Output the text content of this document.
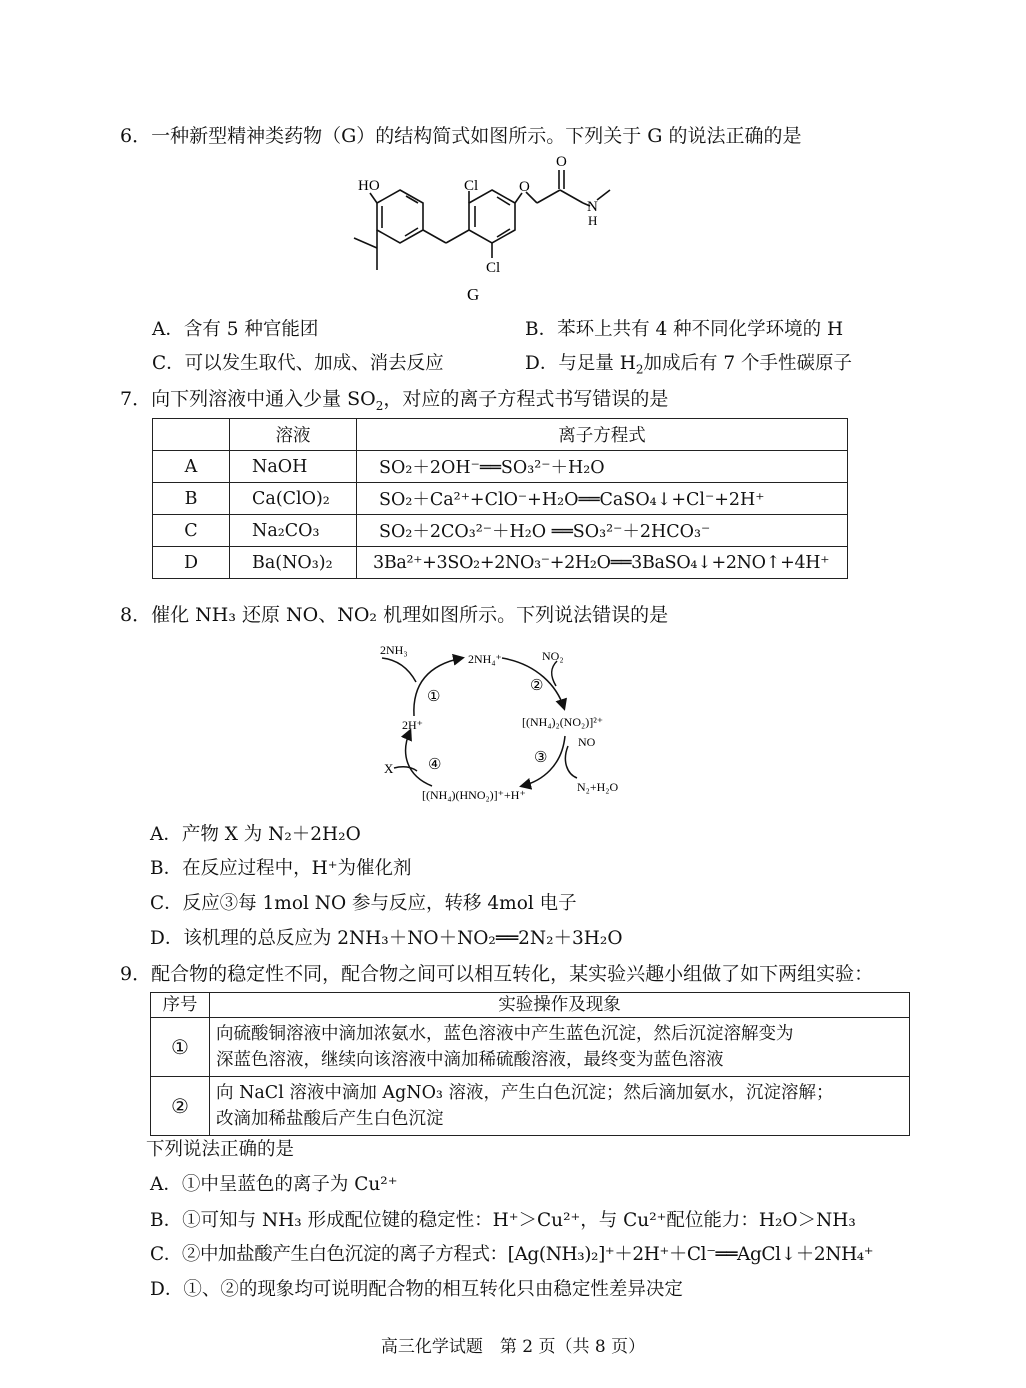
6．一种新型精神类药物（G）的结构简式如图所示。下列关于 G 的说法正确的是
HO	Cl
Cl
O
O
N
H
G
A．含有 5 种官能团	B．苯环上共有 4 种不同化学环境的 H
C．可以发生取代、加成、消去反应	D．与足量 $H_2$加成后有 7 个手性碳原子
7．向下列溶液中通入少量 $SO_2$，对应的离子方程式书写错误的是
	溶液	离子方程式
A	NaOH	SO₂＋2OH⁻══SO₃²⁻＋H₂O
B	Ca(ClO)₂	SO₂＋Ca²⁺+ClO⁻+H₂O══CaSO₄↓+Cl⁻+2H⁺
C	Na₂CO₃	SO₂＋2CO₃²⁻＋H₂O ══SO₃²⁻＋2HCO₃⁻
D	Ba(NO₃)₂	3Ba²⁺+3SO₂+2NO₃⁻+2H₂O══3BaSO₄↓+2NO↑+4H⁺
8．催化 NH₃ 还原 NO、NO₂ 机理如图所示。下列说法错误的是
2NH₃
2NH₄⁺	NO₂
[(NH₄)₂(NO₂)]²⁺
NO
N₂+H₂O
[(NH₄)(HNO₂)]⁺+H⁺
2H⁺
X
①
②
③
④
A．产物 X 为 N₂＋2H₂O
B．在反应过程中，H⁺为催化剂
C．反应③每 1mol NO 参与反应，转移 4mol 电子
D．该机理的总反应为 2NH₃＋NO＋NO₂══2N₂＋3H₂O
9．配合物的稳定性不同，配合物之间可以相互转化，某实验兴趣小组做了如下两组实验：
序号	实验操作及现象
①	向硫酸铜溶液中滴加浓氨水，蓝色溶液中产生蓝色沉淀，然后沉淀溶解变为
深蓝色溶液，继续向该溶液中滴加稀硫酸溶液，最终变为蓝色溶液

②	向 NaCl 溶液中滴加 AgNO₃ 溶液，产生白色沉淀；然后滴加氨水，沉淀溶解；
改滴加稀盐酸后产生白色沉淀
下列说法正确的是
A．①中呈蓝色的离子为 Cu²⁺
B．①可知与 NH₃ 形成配位键的稳定性：H⁺＞Cu²⁺，与 Cu²⁺配位能力：H₂O＞NH₃
C．②中加盐酸产生白色沉淀的离子方程式：[Ag(NH₃)₂]⁺＋2H⁺＋Cl⁻══AgCl↓＋2NH₄⁺
D．①、②的现象均可说明配合物的相互转化只由稳定性差异决定
高三化学试题　第 2 页（共 8 页）
